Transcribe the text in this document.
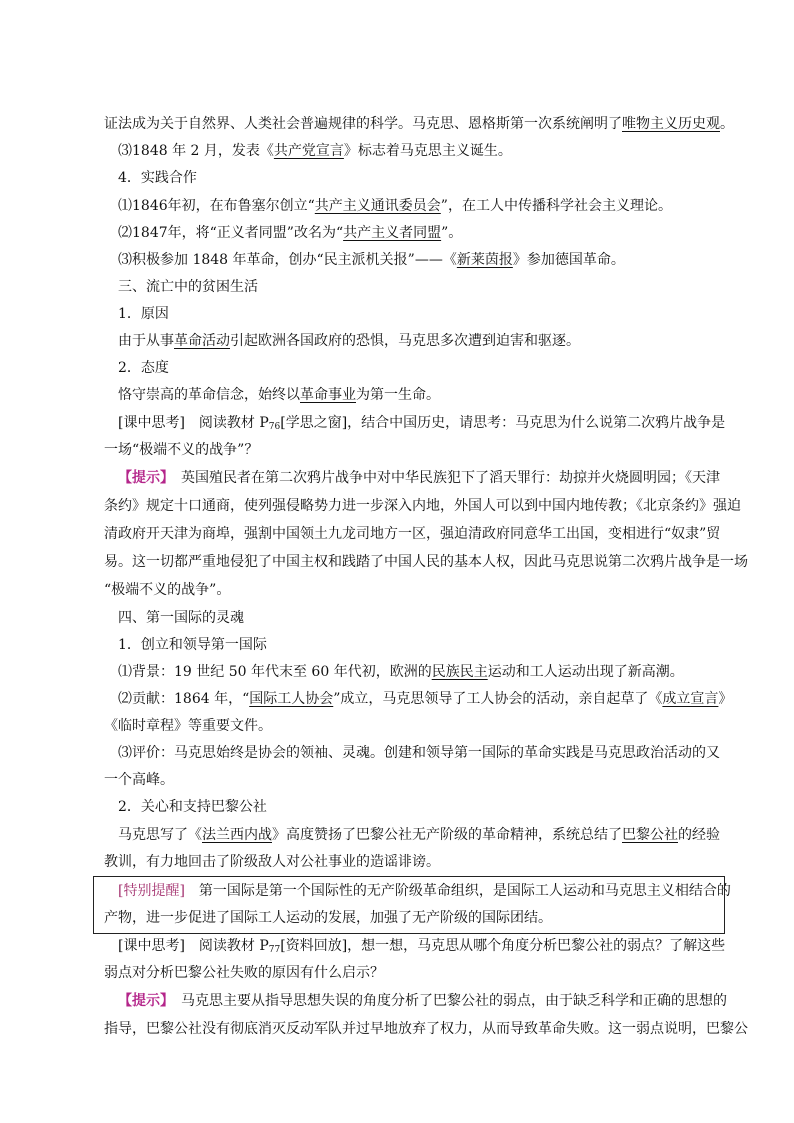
证法成为关于自然界、人类社会普遍规律的科学。马克思、恩格斯第一次系统阐明了唯物主义历史观。
⑶1848 年 2 月，发表《共产党宣言》标志着马克思主义诞生。
4．实践合作
⑴1846年初，在布鲁塞尔创立“共产主义通讯委员会”，在工人中传播科学社会主义理论。
⑵1847年，将“正义者同盟”改名为“共产主义者同盟”。
⑶积极参加 1848 年革命，创办“民主派机关报”——《新莱茵报》参加德国革命。
三、流亡中的贫困生活
1．原因
由于从事革命活动引起欧洲各国政府的恐惧，马克思多次遭到迫害和驱逐。
2．态度
恪守崇高的革命信念，始终以革命事业为第一生命。
[课中思考]　阅读教材 $P_{76}$[学思之窗]，结合中国历史，请思考：马克思为什么说第二次鸦片战争是
一场“极端不义的战争”？
【提示】　英国殖民者在第二次鸦片战争中对中华民族犯下了滔天罪行：劫掠并火烧圆明园；《天津
条约》规定十口通商，使列强侵略势力进一步深入内地，外国人可以到中国内地传教；《北京条约》强迫
清政府开天津为商埠，强割中国领土九龙司地方一区，强迫清政府同意华工出国，变相进行“奴隶”贸
易。这一切都严重地侵犯了中国主权和践踏了中国人民的基本人权，因此马克思说第二次鸦片战争是一场
“极端不义的战争”。
四、第一国际的灵魂
1．创立和领导第一国际
⑴背景：19 世纪 50 年代末至 60 年代初，欧洲的民族民主运动和工人运动出现了新高潮。
⑵贡献：1864 年，“国际工人协会”成立，马克思领导了工人协会的活动，亲自起草了《成立宣言》
《临时章程》等重要文件。
⑶评价：马克思始终是协会的领袖、灵魂。创建和领导第一国际的革命实践是马克思政治活动的又
一个高峰。
2．关心和支持巴黎公社
马克思写了《法兰西内战》高度赞扬了巴黎公社无产阶级的革命精神，系统总结了巴黎公社的经验
教训，有力地回击了阶级敌人对公社事业的造谣诽谤。
[特别提醒]　第一国际是第一个国际性的无产阶级革命组织，是国际工人运动和马克思主义相结合的
产物，进一步促进了国际工人运动的发展，加强了无产阶级的国际团结。
[课中思考]　阅读教材 $P_{77}$[资料回放]，想一想，马克思从哪个角度分析巴黎公社的弱点？了解这些
弱点对分析巴黎公社失败的原因有什么启示？
【提示】　马克思主要从指导思想失误的角度分析了巴黎公社的弱点，由于缺乏科学和正确的思想的
指导，巴黎公社没有彻底消灭反动军队并过早地放弃了权力，从而导致革命失败。这一弱点说明，巴黎公
